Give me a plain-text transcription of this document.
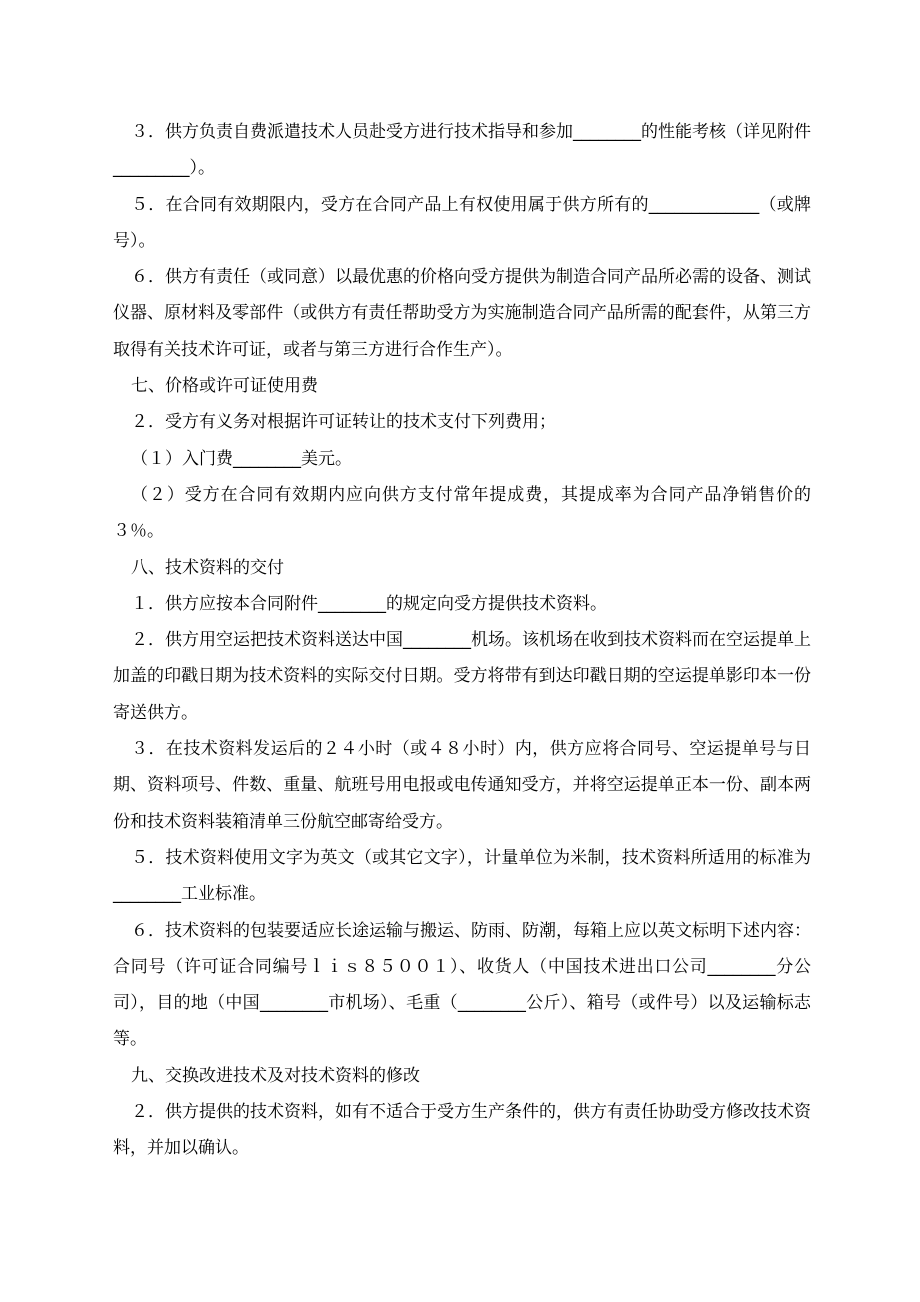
３．供方负责自费派遣技术人员赴受方进行技术指导和参加________的性能考核（详见附件_________）。

５．在合同有效期限内，受方在合同产品上有权使用属于供方所有的_____________（或牌号）。

６．供方有责任（或同意）以最优惠的价格向受方提供为制造合同产品所必需的设备、测试仪器、原材料及零部件（或供方有责任帮助受方为实施制造合同产品所需的配套件，从第三方取得有关技术许可证，或者与第三方进行合作生产）。

七、价格或许可证使用费

２．受方有义务对根据许可证转让的技术支付下列费用；

（１）入门费________美元。

（２）受方在合同有效期内应向供方支付常年提成费，其提成率为合同产品净销售价的３％。

八、技术资料的交付

１．供方应按本合同附件________的规定向受方提供技术资料。

２．供方用空运把技术资料送达中国________机场。该机场在收到技术资料而在空运提单上加盖的印戳日期为技术资料的实际交付日期。受方将带有到达印戳日期的空运提单影印本一份寄送供方。

３．在技术资料发运后的２４小时（或４８小时）内，供方应将合同号、空运提单号与日期、资料项号、件数、重量、航班号用电报或电传通知受方，并将空运提单正本一份、副本两份和技术资料装箱清单三份航空邮寄给受方。

５．技术资料使用文字为英文（或其它文字），计量单位为米制，技术资料所适用的标准为________工业标准。

６．技术资料的包装要适应长途运输与搬运、防雨、防潮，每箱上应以英文标明下述内容：合同号（许可证合同编号ｌｉｓ８５００１）、收货人（中国技术进出口公司________分公司），目的地（中国________市机场）、毛重（________公斤）、箱号（或件号）以及运输标志等。

九、交换改进技术及对技术资料的修改

２．供方提供的技术资料，如有不适合于受方生产条件的，供方有责任协助受方修改技术资料，并加以确认。
